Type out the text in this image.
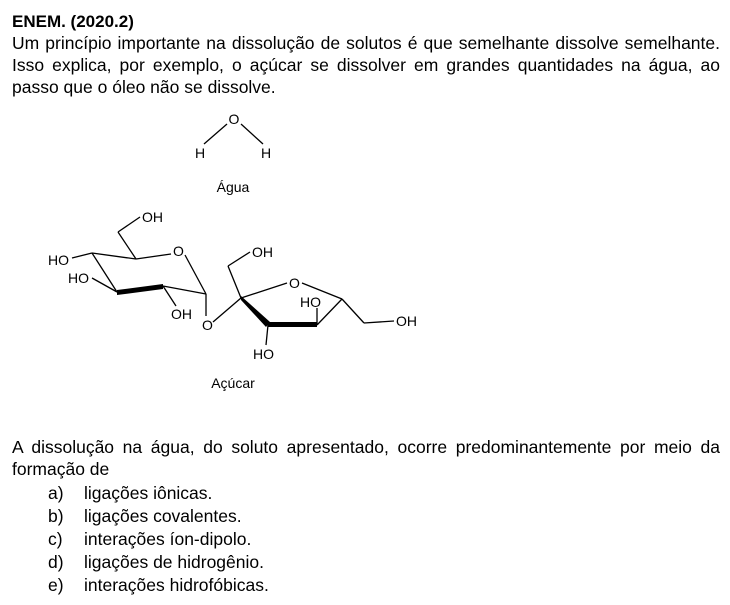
ENEM. (2020.2)

Um princípio importante na dissolução de solutos é que semelhante dissolve semelhante. Isso explica, por exemplo, o açúcar se dissolver em grandes quantidades na água, ao passo que o óleo não se dissolve.

O
H	H
Água
OH
HO
HO
O
OH
O
OH
O
HO
HO
OH
Açúcar

A dissolução na água, do soluto apresentado, ocorre predominantemente por meio da formação de

a)	ligações iônicas.
b)	ligações covalentes.
c)	interações íon-dipolo.
d)	ligações de hidrogênio.
e)	interações hidrofóbicas.
